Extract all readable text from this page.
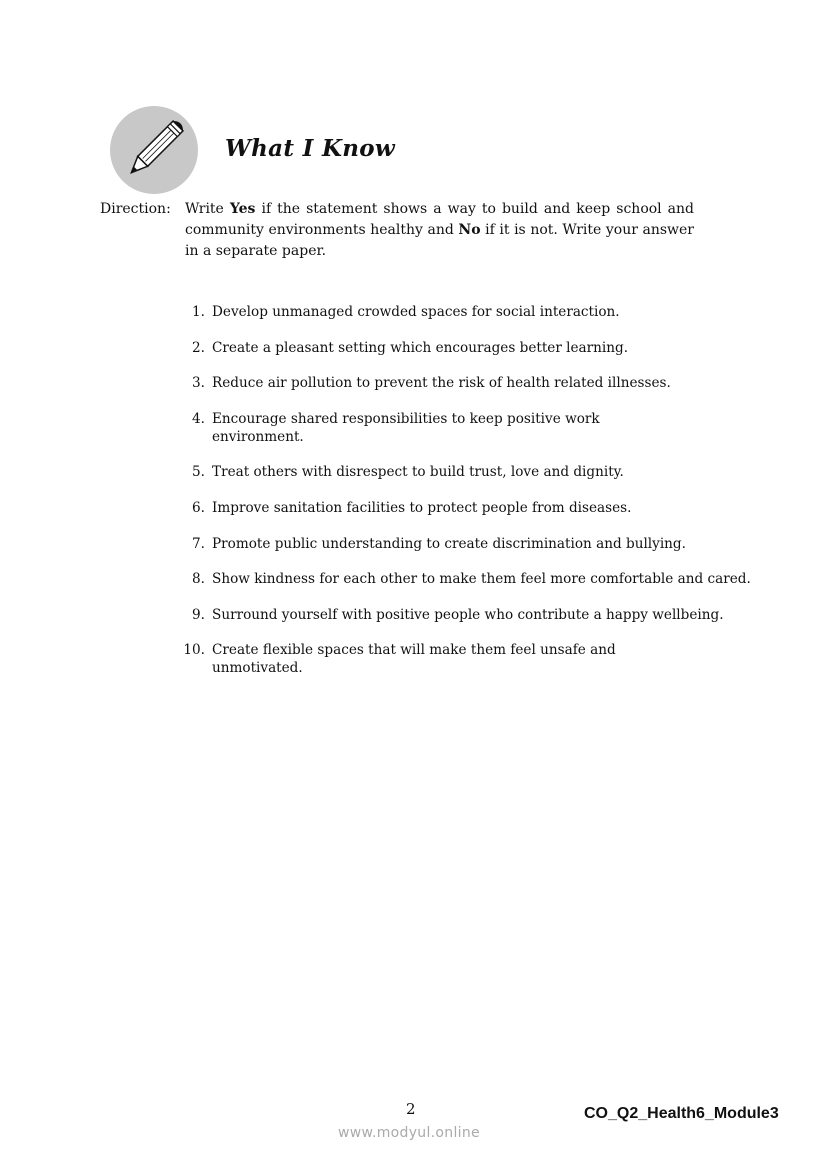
What I Know
Direction: Write Yes if the statement shows a way to build and keep school and community environments healthy and No if it is not. Write your answer in a separate paper.
1. Develop unmanaged crowded spaces for social interaction.
2. Create a pleasant setting which encourages better learning.
3. Reduce air pollution to prevent the risk of health related illnesses.
4. Encourage shared responsibilities to keep positive work environment.
5. Treat others with disrespect to build trust, love and dignity.
6. Improve sanitation facilities to protect people from diseases.
7. Promote public understanding to create discrimination and bullying.
8. Show kindness for each other to make them feel more comfortable and cared.
9. Surround yourself with positive people who contribute a happy wellbeing.
10. Create flexible spaces that will make them feel unsafe and unmotivated.
2	CO_Q2_Health6_Module3
www.modyul.online
